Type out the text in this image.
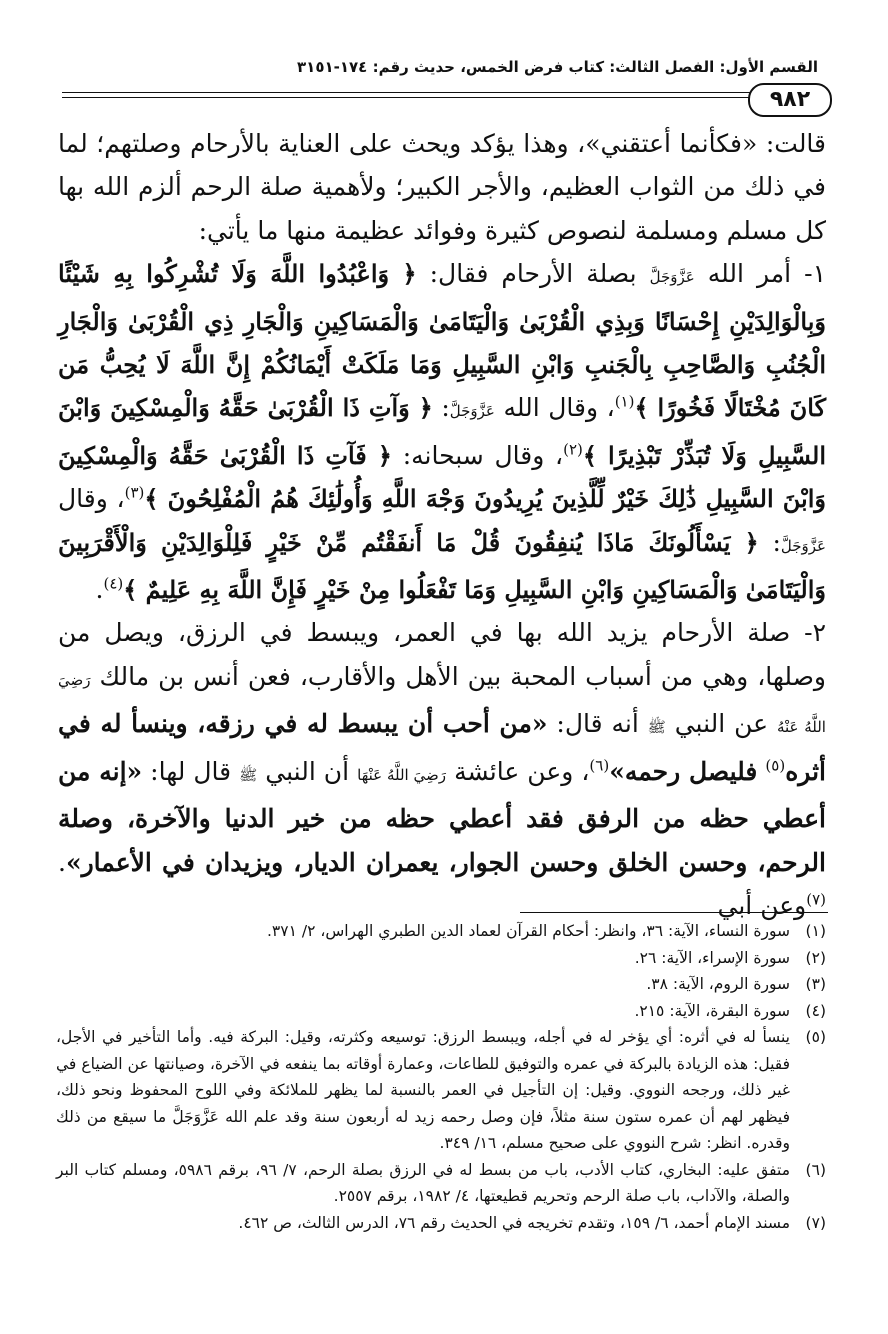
القسم الأول: الفصل الثالث: كتاب فرض الخمس، حديث رقم: ١٧٤-٣١٥١
٩٨٢

قالت: «فكأنما أعتقني»، وهذا يؤكد ويحث على العناية بالأرحام وصلتهم؛ لما في ذلك من الثواب العظيم، والأجر الكبير؛ ولأهمية صلة الرحم ألزم الله بها كل مسلم ومسلمة لنصوص كثيرة وفوائد عظيمة منها ما يأتي:

١- أمر الله عَزَّوَجَلَّ بصلة الأرحام فقال: ﴿ وَاعْبُدُوا اللَّهَ وَلَا تُشْرِكُوا بِهِ شَيْئًا وَبِالْوَالِدَيْنِ إِحْسَانًا وَبِذِي الْقُرْبَىٰ وَالْيَتَامَىٰ وَالْمَسَاكِينِ وَالْجَارِ ذِي الْقُرْبَىٰ وَالْجَارِ الْجُنُبِ وَالصَّاحِبِ بِالْجَنبِ وَابْنِ السَّبِيلِ وَمَا مَلَكَتْ أَيْمَانُكُمْ إِنَّ اللَّهَ لَا يُحِبُّ مَن كَانَ مُخْتَالًا فَخُورًا ﴾$^{(١)}$، وقال الله عَزَّوَجَلَّ: ﴿ وَآتِ ذَا الْقُرْبَىٰ حَقَّهُ وَالْمِسْكِينَ وَابْنَ السَّبِيلِ وَلَا تُبَذِّرْ تَبْذِيرًا ﴾$^{(٢)}$، وقال سبحانه: ﴿ فَآتِ ذَا الْقُرْبَىٰ حَقَّهُ وَالْمِسْكِينَ وَابْنَ السَّبِيلِ ذَٰلِكَ خَيْرٌ لِّلَّذِينَ يُرِيدُونَ وَجْهَ اللَّهِ وَأُولَٰئِكَ هُمُ الْمُفْلِحُونَ ﴾$^{(٣)}$، وقال عَزَّوَجَلَّ: ﴿ يَسْأَلُونَكَ مَاذَا يُنفِقُونَ قُلْ مَا أَنفَقْتُم مِّنْ خَيْرٍ فَلِلْوَالِدَيْنِ وَالْأَقْرَبِينَ وَالْيَتَامَىٰ وَالْمَسَاكِينِ وَابْنِ السَّبِيلِ وَمَا تَفْعَلُوا مِنْ خَيْرٍ فَإِنَّ اللَّهَ بِهِ عَلِيمٌ ﴾$^{(٤)}$.

٢- صلة الأرحام يزيد الله بها في العمر، ويبسط في الرزق، ويصل من وصلها، وهي من أسباب المحبة بين الأهل والأقارب، فعن أنس بن مالك رَضِيَ اللَّهُ عَنْهُ عن النبي ﷺ أنه قال: «من أحب أن يبسط له في رزقه، وينسأ له في أثره$^{(٥)}$ فليصل رحمه»$^{(٦)}$، وعن عائشة رَضِيَ اللَّهُ عَنْهَا أن النبي ﷺ قال لها: «إنه من أعطي حظه من الرفق فقد أعطي حظه من خير الدنيا والآخرة، وصلة الرحم، وحسن الخلق وحسن الجوار، يعمران الديار، ويزيدان في الأعمار».$^{(٧)}$وعن أبي

(١)
سورة النساء، الآية: ٣٦، وانظر: أحكام القرآن لعماد الدين الطبري الهراس، ٢/ ٣٧١.
(٢)
سورة الإسراء، الآية: ٢٦.
(٣)
سورة الروم، الآية: ٣٨.
(٤)
سورة البقرة، الآية: ٢١٥.
(٥)
ينسأ له في أثره: أي يؤخر له في أجله، ويبسط الرزق: توسيعه وكثرته، وقيل: البركة فيه. وأما التأخير في الأجل، فقيل: هذه الزيادة بالبركة في عمره والتوفيق للطاعات، وعمارة أوقاته بما ينفعه في الآخرة، وصيانتها عن الضياع في غير ذلك، ورجحه النووي. وقيل: إن التأجيل في العمر بالنسبة لما يظهر للملائكة وفي اللوح المحفوظ ونحو ذلك، فيظهر لهم أن عمره ستون سنة مثلاً، فإن وصل رحمه زيد له أربعون سنة وقد علم الله عَزَّوَجَلَّ ما سيقع من ذلك وقدره. انظر: شرح النووي على صحيح مسلم، ١٦/ ٣٤٩.
(٦)
متفق عليه: البخاري، كتاب الأدب، باب من بسط له في الرزق بصلة الرحم، ٧/ ٩٦، برقم ٥٩٨٦، ومسلم كتاب البر والصلة، والآداب، باب صلة الرحم وتحريم قطيعتها، ٤/ ١٩٨٢، برقم ٢٥٥٧.
(٧)
مسند الإمام أحمد، ٦/ ١٥٩، وتقدم تخريجه في الحديث رقم ٧٦، الدرس الثالث، ص ٤٦٢.
